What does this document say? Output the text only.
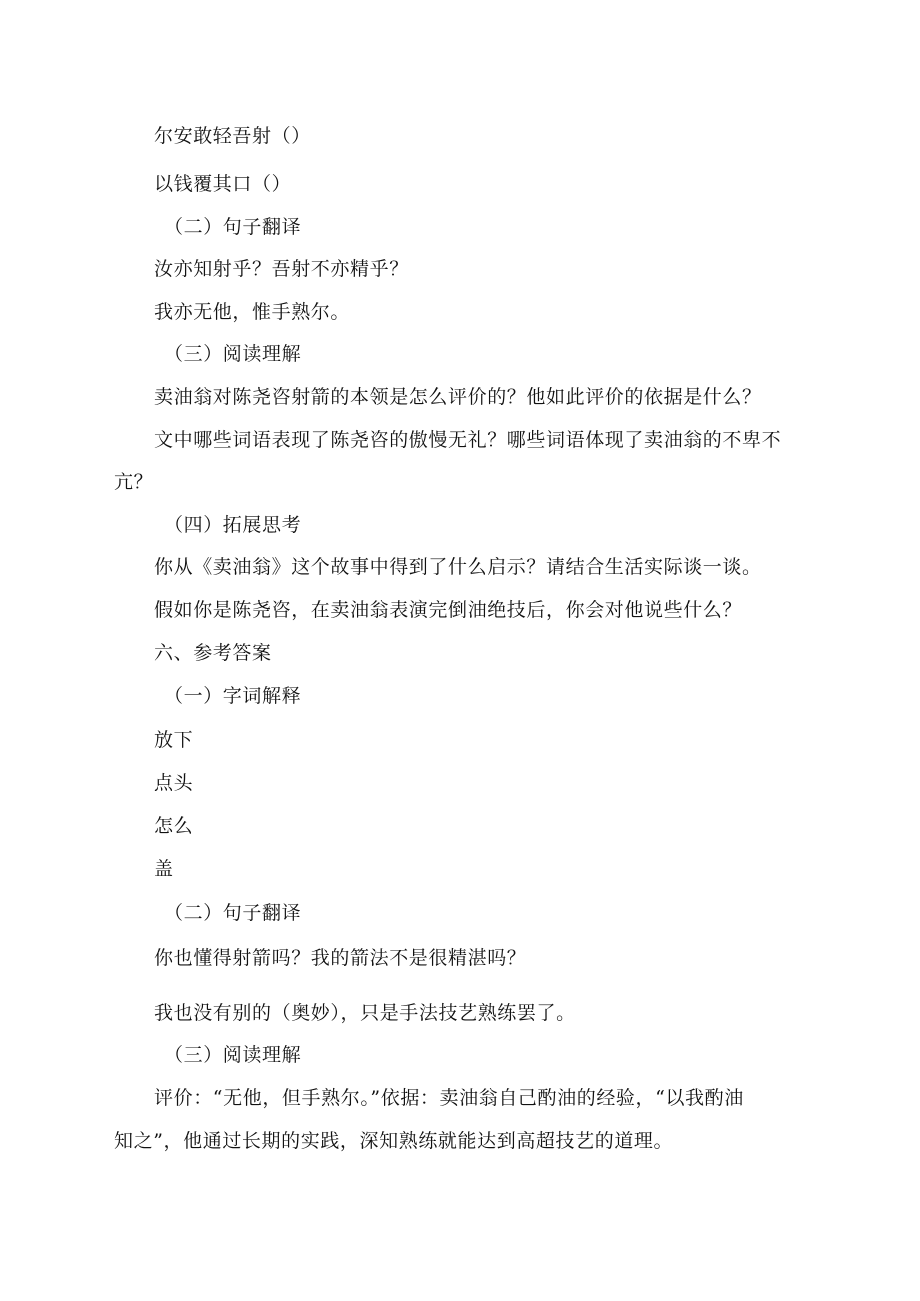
尔安敢轻吾射（）

以钱覆其口（）

（二）句子翻译

汝亦知射乎？吾射不亦精乎？

我亦无他，惟手熟尔。

（三）阅读理解

卖油翁对陈尧咨射箭的本领是怎么评价的？他如此评价的依据是什么？

文中哪些词语表现了陈尧咨的傲慢无礼？哪些词语体现了卖油翁的不卑不

亢？

（四）拓展思考

你从《卖油翁》这个故事中得到了什么启示？请结合生活实际谈一谈。

假如你是陈尧咨，在卖油翁表演完倒油绝技后，你会对他说些什么？

六、参考答案

（一）字词解释

放下

点头

怎么

盖

（二）句子翻译

你也懂得射箭吗？我的箭法不是很精湛吗？

我也没有别的（奥妙），只是手法技艺熟练罢了。

（三）阅读理解

评价：“无他，但手熟尔。”依据：卖油翁自己酌油的经验，“以我酌油

知之”，他通过长期的实践，深知熟练就能达到高超技艺的道理。
